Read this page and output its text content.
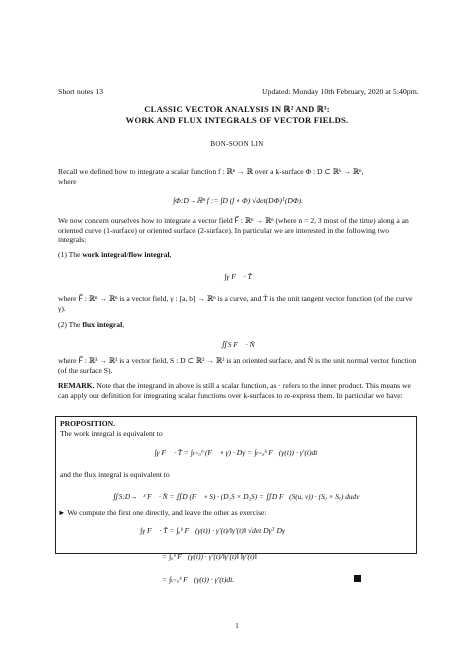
Short notes 13	Updated: Monday 10th February, 2020 at 5:40pm.
CLASSIC VECTOR ANALYSIS IN ℝ² AND ℝ³:
WORK AND FLUX INTEGRALS OF VECTOR FIELDS.
BON-SOON LIN
Recall we defined how to integrate a scalar function f : ℝⁿ → ℝ over a k-surface Φ : D ⊂ ℝᵏ → ℝⁿ,
where
∫Φ:D→ℝⁿ f := ∫D (f ∘ Φ) √det(DΦ)ᵀ(DΦ).
We now concern ourselves how to integrate a vector field F⃗ : ℝⁿ → ℝⁿ (where n = 2, 3 most of the time) along a an oriented curve (1-surface) or oriented surface (2-surface). In particular we are interested in the following two integrals:
(1) The work integral/flow integral,
∫γ F⃗ · T̂
where F⃗ : ℝⁿ → ℝⁿ is a vector field, γ : [a, b] → ℝⁿ is a curve, and T̂ is the unit tangent vector function (of the curve γ).
(2) The flux integral,
∬S F⃗ · N̂
where F⃗ : ℝ³ → ℝ³ is a vector field, S : D ⊂ ℝ² → ℝ³ is an oriented surface, and N̂ is the unit normal vector function (of the surface S).
REMARK. Note that the integrand in above is still a scalar function, as · refers to the inner product. This means we can apply our definition for integrating scalar functions over k-surfaces to re-express them. In particular we have:
PROPOSITION.
The work integral is equivalent to
∫γ F⃗ · T̂ = ∫ₜ₌ₐᵇ (F⃗ ∘ γ) · Dγ = ∫ₜ₌ₐᵇ F⃗(γ(t)) · γ′(t)dt
and the flux integral is equivalent to
∬S:D→ℝ³ F⃗ · N̂ = ∬D (F⃗ ∘ S) · (D₁S × D₂S) = ∬D F⃗(S(u, v)) · (Sᵤ × Sᵥ) dudv
► We compute the first one directly, and leave the other as exercise:
∫γ F⃗ · T̂ = ∫ₐᵇ F⃗(γ(t)) · γ′(t)/‖γ′(t)‖ √det Dγᵀ Dγ
= ∫ₐᵇ F⃗(γ(t)) · γ′(t)/‖γ′(t)‖ ‖γ′(t)‖
= ∫ₜ₌ₐᵇ F⃗(γ(t)) · γ′(t)dt.
1
